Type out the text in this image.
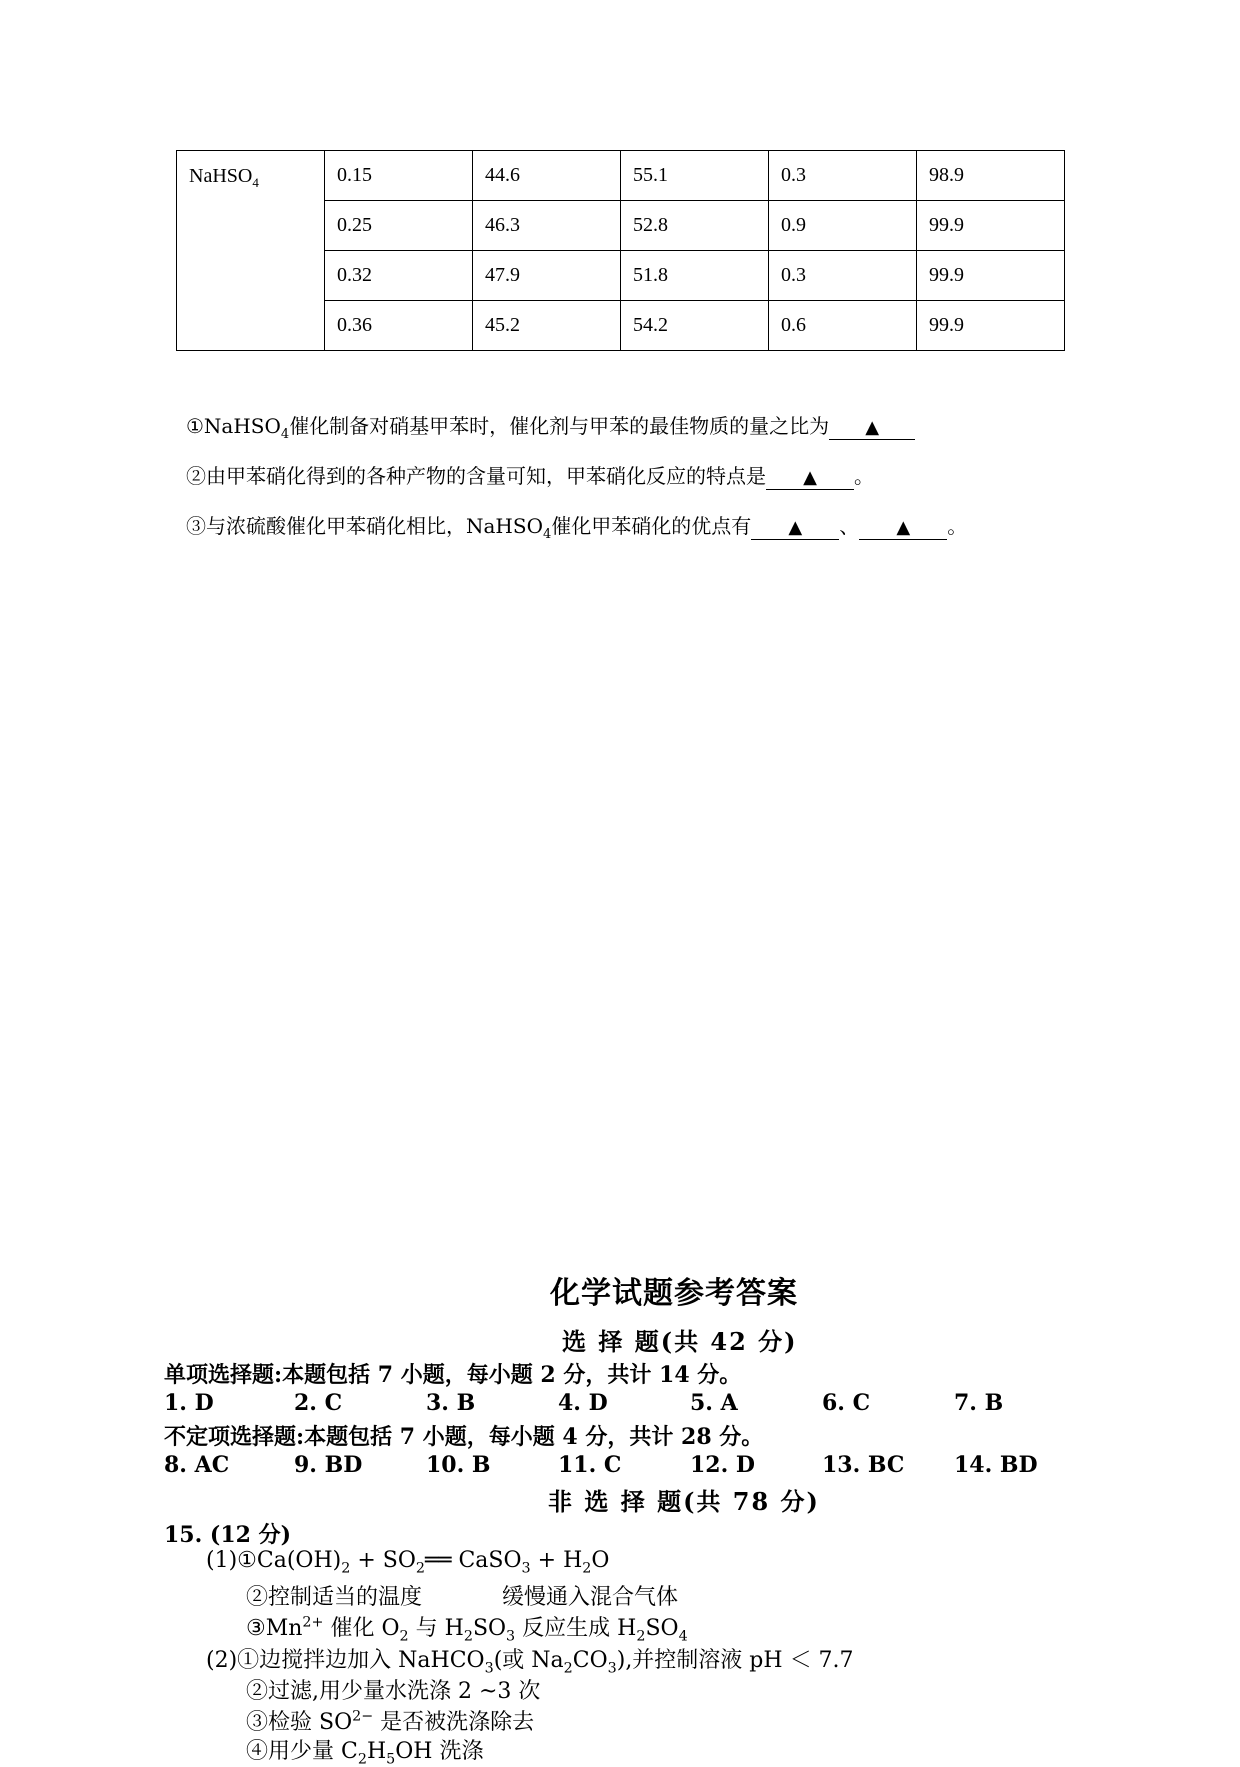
NaHSO$_4$	0.15	44.6	55.1	0.3	98.9
	0.25	46.3	52.8	0.9	99.9
	0.32	47.9	51.8	0.3	99.9
	0.36	45.2	54.2	0.6	99.9
①NaHSO$_4$催化制备对硝基甲苯时，催化剂与甲苯的最佳物质的量之比为 ▲
②由甲苯硝化得到的各种产物的含量可知，甲苯硝化反应的特点是 ▲ 。
③与浓硫酸催化甲苯硝化相比，NaHSO$_4$催化甲苯硝化的优点有 ▲ 、 ▲ 。
化学试题参考答案
选 择 题(共 42 分)
单项选择题:本题包括 7 小题，每小题 2 分，共计 14 分。
1. D	2. C	3. B	4. D	5. A	6. C	7. B
不定项选择题:本题包括 7 小题，每小题 4 分，共计 28 分。
8. AC	9. BD	10. B	11. C	12. D	13. BC 14. BD
非 选 择 题(共 78 分)
15. (12 分)
$(1)①Ca(OH)_2$ + $SO_2══$ CaSO$_3$ + $H_2O$
②控制适当的温度	缓慢通入混合气体
$③Mn^{2+}$ 催化 $O_2$ 与 $H_2SO_3$ 反应生成 $H_2SO_4$
(2)①边搅拌边加入 NaHCO$_3$(或 $Na_2CO_3$),并控制溶液 pH ＜ 7.7
②过滤,用少量水洗涤 2 ~3 次
③检验 $SO^{2-}$ 是否被洗涤除去
④用少量 $C_2H_5OH$ 洗涤
